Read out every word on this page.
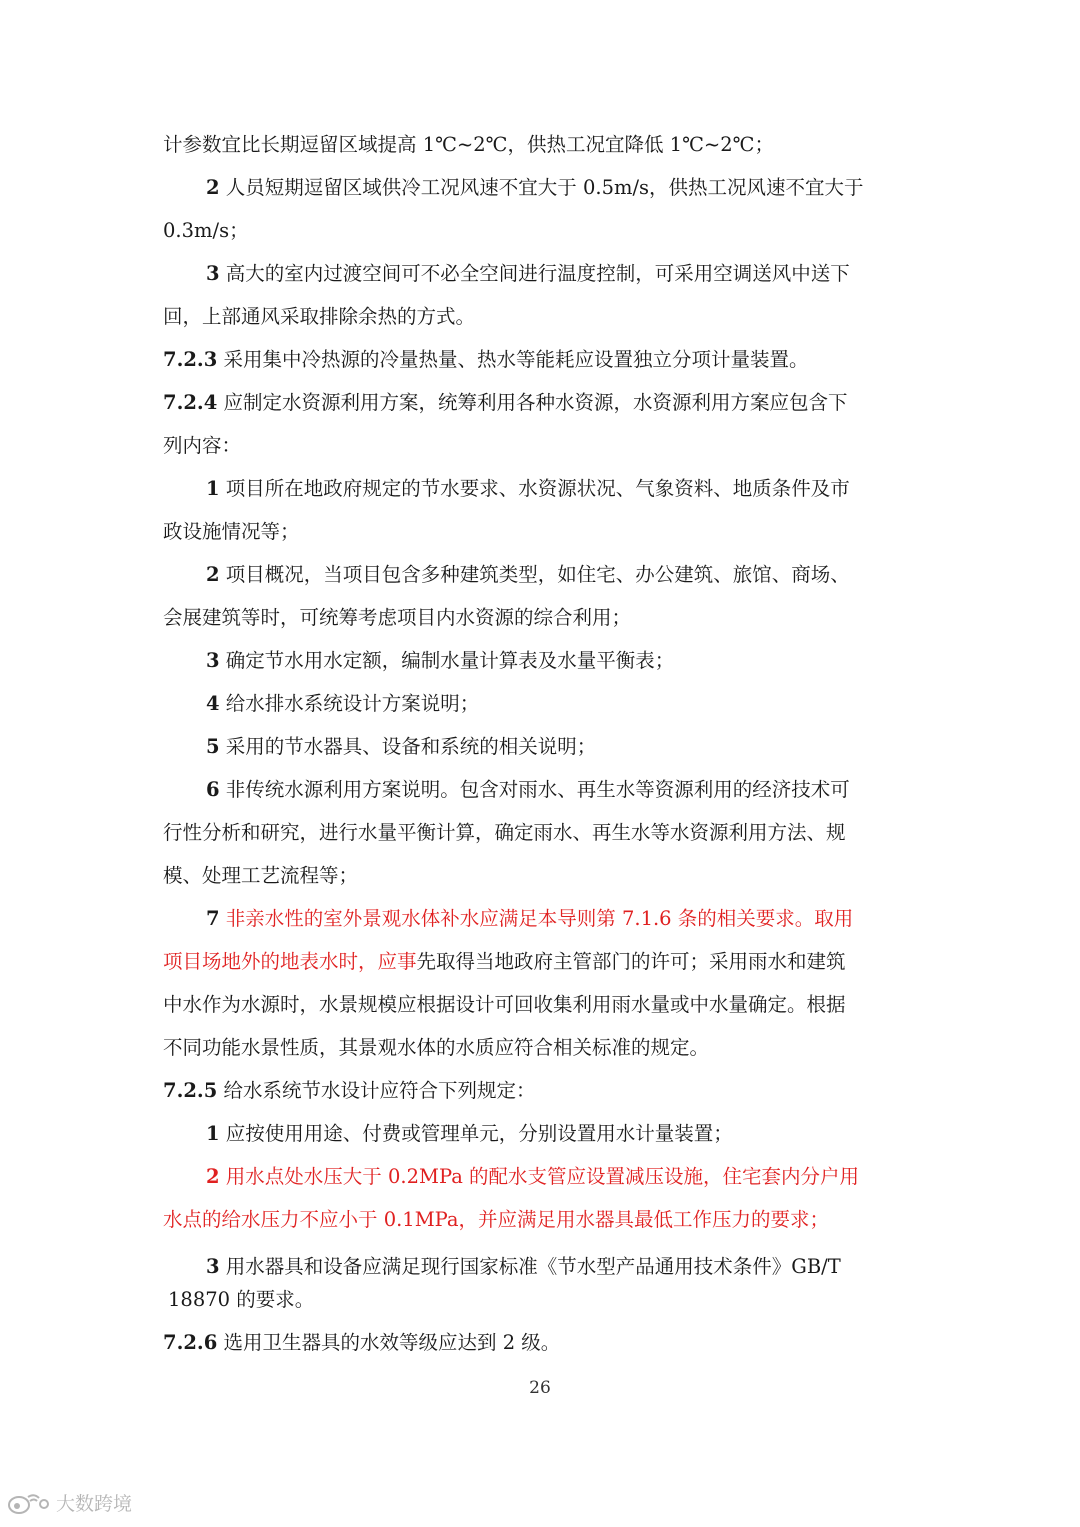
计参数宜比长期逗留区域提高 1℃~2℃，供热工况宜降低 1℃~2℃；
2 人员短期逗留区域供冷工况风速不宜大于 0.5m/s，供热工况风速不宜大于
0.3m/s；
3 高大的室内过渡空间可不必全空间进行温度控制，可采用空调送风中送下
回，上部通风采取排除余热的方式。
7.2.3 采用集中冷热源的冷量热量、热水等能耗应设置独立分项计量装置。
7.2.4 应制定水资源利用方案，统筹利用各种水资源，水资源利用方案应包含下
列内容：
1 项目所在地政府规定的节水要求、水资源状况、气象资料、地质条件及市
政设施情况等；
2 项目概况，当项目包含多种建筑类型，如住宅、办公建筑、旅馆、商场、
会展建筑等时，可统筹考虑项目内水资源的综合利用；
3 确定节水用水定额，编制水量计算表及水量平衡表；
4 给水排水系统设计方案说明；
5 采用的节水器具、设备和系统的相关说明；
6 非传统水源利用方案说明。包含对雨水、再生水等资源利用的经济技术可
行性分析和研究，进行水量平衡计算，确定雨水、再生水等水资源利用方法、规
模、处理工艺流程等；
7 非亲水性的室外景观水体补水应满足本导则第 7.1.6 条的相关要求。取用
项目场地外的地表水时，应事先取得当地政府主管部门的许可；采用雨水和建筑
中水作为水源时，水景规模应根据设计可回收集利用雨水量或中水量确定。根据
不同功能水景性质，其景观水体的水质应符合相关标准的规定。
7.2.5 给水系统节水设计应符合下列规定：
1 应按使用用途、付费或管理单元，分别设置用水计量装置；
2 用水点处水压大于 0.2MPa 的配水支管应设置减压设施，住宅套内分户用
水点的给水压力不应小于 0.1MPa，并应满足用水器具最低工作压力的要求；
3 用水器具和设备应满足现行国家标准《节水型产品通用技术条件》GB/T
18870 的要求。
7.2.6 选用卫生器具的水效等级应达到 2 级。
26
大数跨境
